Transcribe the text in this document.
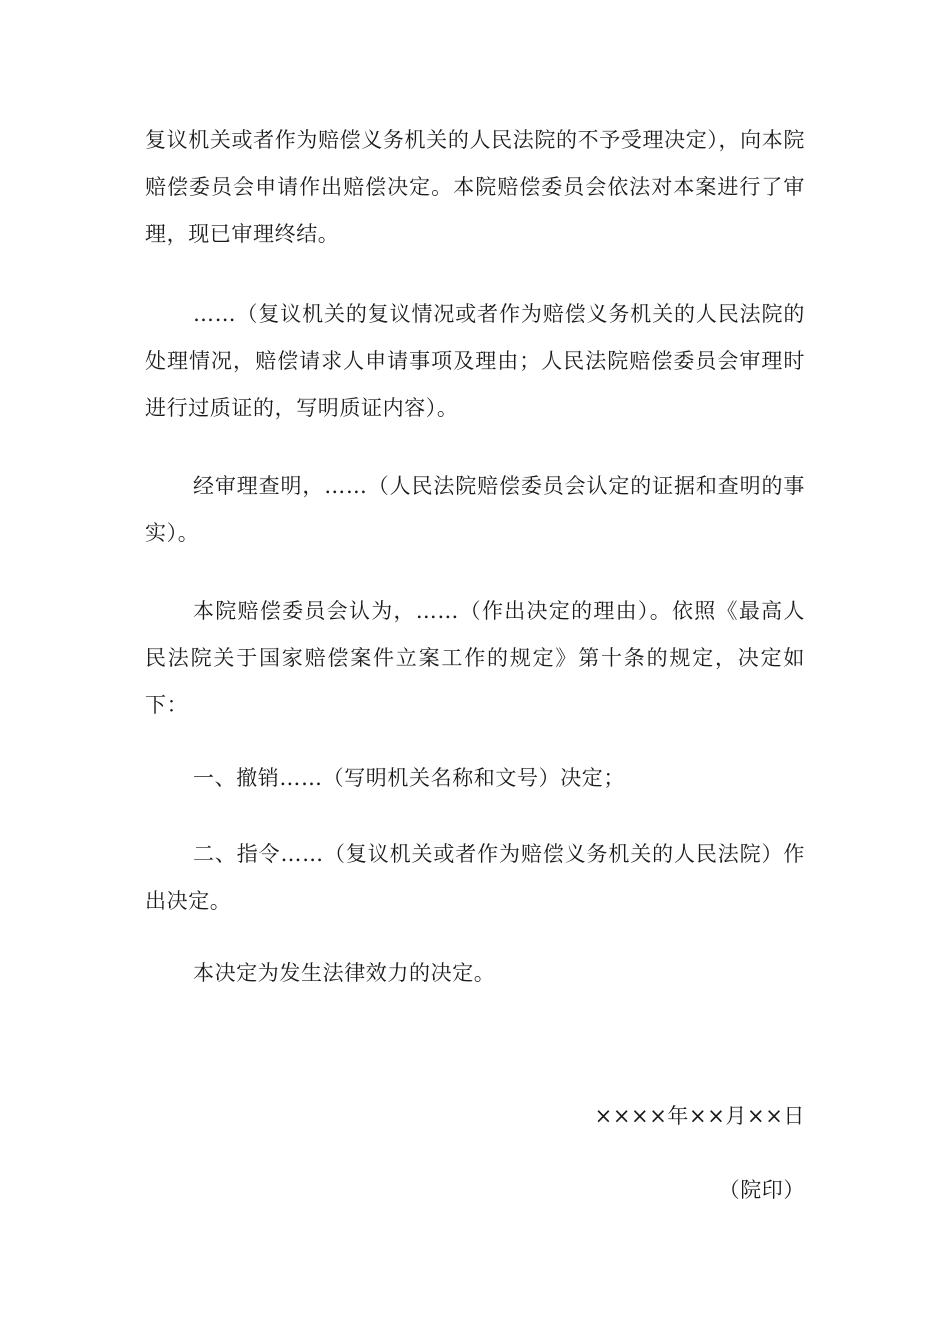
复议机关或者作为赔偿义务机关的人民法院的不予受理决定），向本院赔偿委员会申请作出赔偿决定。本院赔偿委员会依法对本案进行了审理，现已审理终结。

……（复议机关的复议情况或者作为赔偿义务机关的人民法院的处理情况，赔偿请求人申请事项及理由；人民法院赔偿委员会审理时进行过质证的，写明质证内容）。

经审理查明，……（人民法院赔偿委员会认定的证据和查明的事实）。

本院赔偿委员会认为，……（作出决定的理由）。依照《最高人民法院关于国家赔偿案件立案工作的规定》第十条的规定，决定如下：

一、撤销……（写明机关名称和文号）决定；

二、指令……（复议机关或者作为赔偿义务机关的人民法院）作出决定。

本决定为发生法律效力的决定。

××××年××月××日

（院印）
